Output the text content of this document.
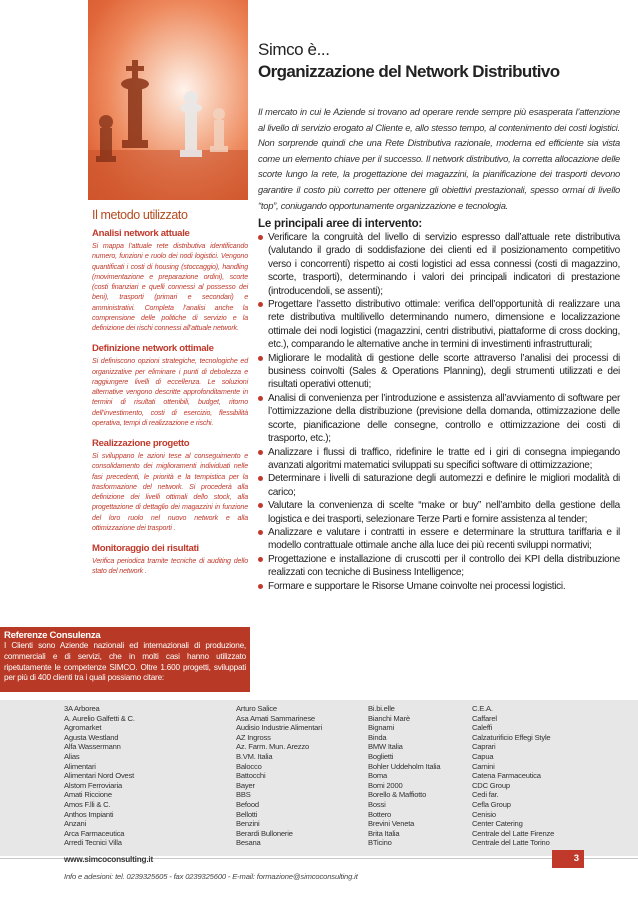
Simco è...
Organizzazione del Network Distributivo

Il mercato in cui le Aziende si trovano ad operare rende sempre più esasperata l’attenzione al livello di servizio erogato al Cliente e, allo stesso tempo, al contenimento dei costi logistici. Non sorprende quindi che una Rete Distributiva razionale, moderna ed efficiente sia vista come un elemento chiave per il successo. Il network distributivo, la corretta allocazione delle scorte lungo la rete, la progettazione dei magazzini, la pianificazione dei trasporti devono garantire il costo più corretto per ottenere gli obiettivi prestazionali, spesso ormai di livello “top”, coniugando opportunamente organizzazione e tecnologia.

Il metodo utilizzato
Analisi network attuale

Si mappa l’attuale rete distributiva identificando numero, funzioni e ruolo dei nodi logistici. Vengono quantificati i costi di housing (stoccaggio), handling (movimentazione e preparazione ordini), scorte (costi finanziari e quelli connessi al possesso dei beni), trasporti (primari e secondari) e amministrativi. Completa l’analisi anche la comprensione delle politiche di servizio e la definizione dei rischi connessi all’attuale network.

Definizione network ottimale

Si definiscono opzioni strategiche, tecnologiche ed organizzative per eliminare i punti di debolezza e raggiungere livelli di eccellenza. Le soluzioni alternative vengono descritte approfonditamente in termini di risultati ottenibili, budget, ritorno dell’investimento, costi di esercizio, flessibilità operativa, tempi di realizzazione e rischi.

Realizzazione progetto

Si sviluppano le azioni tese al conseguimento e consolidamento dei miglioramenti individuati nelle fasi precedenti, le priorità e la tempistica per la trasformazione del network. Si procederà alla definizione dei livelli ottimali dello stock, alla progettazione di dettaglio dei magazzini in funzione del loro ruolo nel nuovo network e alla ottimizzazione dei trasporti .

Monitoraggio dei risultati

Verifica periodica tramite tecniche di auditing dello stato del network .

Le principali aree di intervento:
Verificare la congruità del livello di servizio espresso dall’attuale rete distributiva (valutando il grado di soddisfazione dei clienti ed il posizionamento competitivo verso i concorrenti) rispetto ai costi logistici ad essa connessi (costi di magazzino, scorte, trasporti), determinando i valori dei principali indicatori di prestazione (introducendoli, se assenti);
Progettare l’assetto distributivo ottimale: verifica dell’opportunità di realizzare una rete distributiva multilivello determinando numero, dimensione e localizzazione ottimale dei nodi logistici (magazzini, centri distributivi, piattaforme di cross docking, etc.), comparando le alternative anche in termini di investimenti infrastrutturali;
Migliorare le modalità di gestione delle scorte attraverso l’analisi dei processi di business coinvolti (Sales & Operations Planning), degli strumenti utilizzati e dei risultati operativi ottenuti;
Analisi di convenienza per l’introduzione e assistenza all’avviamento di software per l’ottimizzazione della distribuzione (previsione della domanda, ottimizzazione delle scorte, pianificazione delle consegne, controllo e ottimizzazione dei costi di trasporto, etc.);
Analizzare i flussi di traffico, ridefinire le tratte ed i giri di consegna impiegando avanzati algoritmi matematici sviluppati su specifici software di ottimizzazione;
Determinare i livelli di saturazione degli automezzi e definire le migliori modalità di carico;
Valutare la convenienza di scelte “make or buy” nell’ambito della gestione della logistica e dei trasporti, selezionare Terze Parti e fornire assistenza al tender;
Analizzare e valutare i contratti in essere e determinare la struttura tariffaria e il modello contrattuale ottimale anche alla luce dei più recenti sviluppi normativi;
Progettazione e installazione di cruscotti per il controllo dei KPI della distribuzione realizzati con tecniche di Business Intelligence;
Formare e supportare le Risorse Umane coinvolte nei processi logistici.
Referenze Consulenza

I Clienti sono Aziende nazionali ed internazionali di produzione, commerciali e di servizi, che in molti casi hanno utilizzato ripetutamente le competenze SIMCO. Oltre 1.600 progetti, sviluppati per più di 400 clienti tra i quali possiamo citare:

3A Arborea
A. Aurelio Galfetti & C.
Agromarket
Agusta Westland
Alfa Wassermann
Alias
Alimentari
Alimentari Nord Ovest
Alstom Ferroviaria
Amati Riccione
Amos F.lli & C.
Anthos Impianti
Anzani
Arca Farmaceutica
Arredi Tecnici Villa
Arturo Salice
Asa Amati Sammarinese
Audisio Industrie Alimentari
AZ Ingross
Az. Farm. Mun. Arezzo
B.VM. Italia
Balocco
Battocchi
Bayer
BBS
Befood
Bellotti
Benzini
Berardi Bullonerie
Besana
Bi.bi.elle
Bianchi Marè
Bignami
Binda
BMW Italia
Boglietti
Bohler Uddeholm Italia
Boma
Bomi 2000
Borello & Maffiotto
Bossi
Bottero
Brevini Veneta
Brita Italia
BTicino
C.E.A.
Caffarel
Caleffi
Calzaturificio Effegi Style
Caprari
Capua
Carnini
Catena Farmaceutica
CDC Group
Cedi far.
Cefla Group
Cenisio
Center Catering
Centrale del Latte Firenze
Centrale del Latte Torino
www.simcoconsulting.it	3
Info e adesioni: tel. 0239325605 - fax 0239325600 - E-mail: formazione@simcoconsulting.it
